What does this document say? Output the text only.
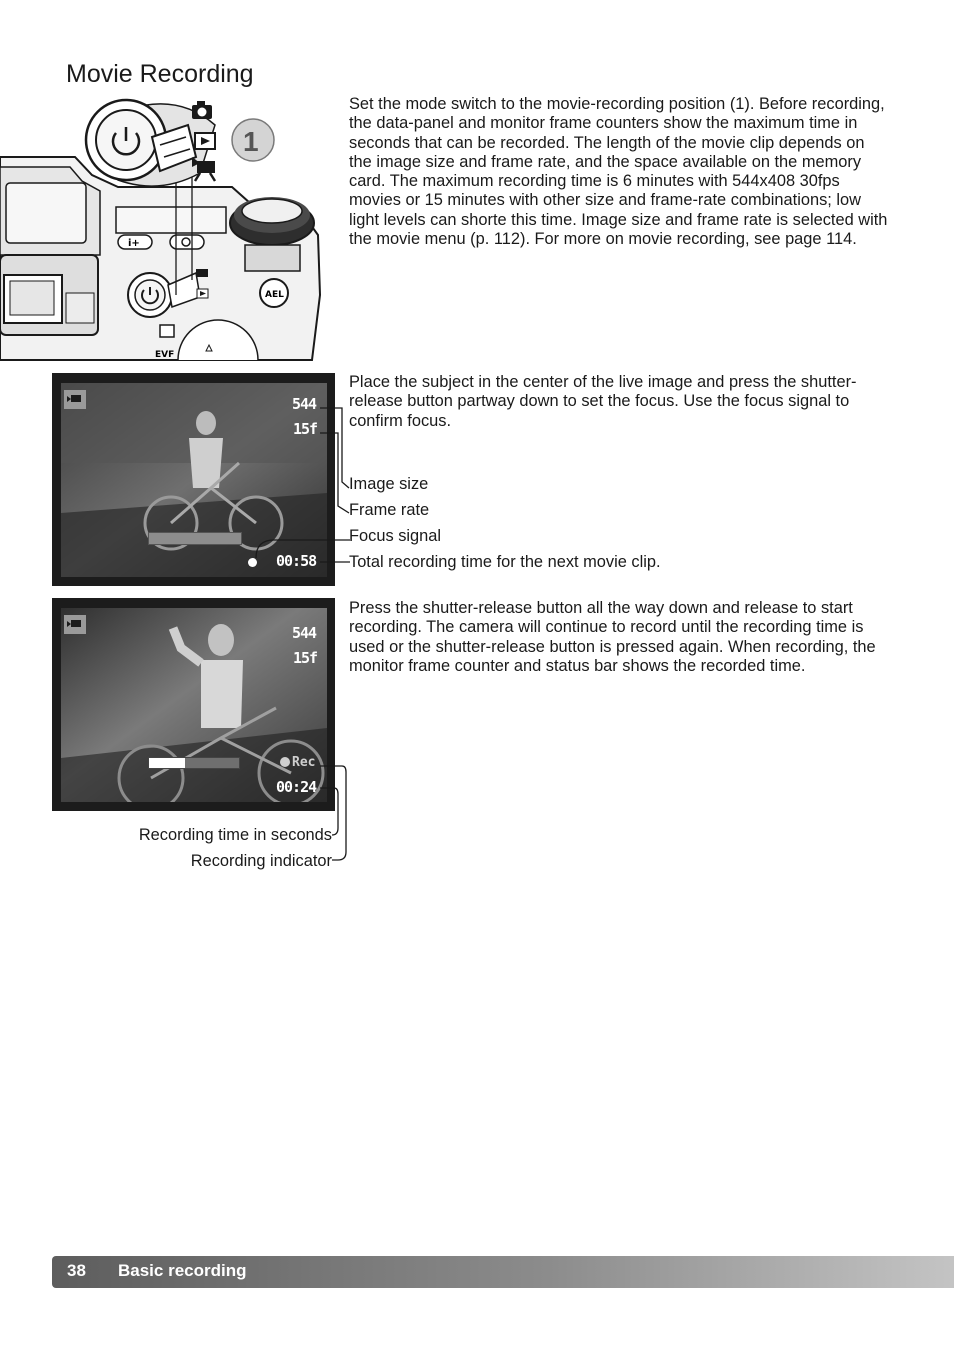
Movie Recording
i+
AEL
EVF
1

Set the mode switch to the movie-recording position (1). Before recording, the data-panel and monitor frame counters show the maximum time in seconds that can be recorded. The length of the movie clip depends on the image size and frame rate, and the space available on the memory card. The maximum recording time is 6 minutes with 544x408 30fps movies or 15 minutes with other size and frame-rate combinations; low light levels can shorte this time. Image size and frame rate is selected with the movie menu (p. 112). For more on movie recording, see page 114.

544
15f
00:58

Place the subject in the center of the live image and press the shutter-release button partway down to set the focus. Use the focus signal to confirm focus.

Image size
Frame rate
Focus signal
Total recording time for the next movie clip.
544
15f
Rec
00:24

Press the shutter-release button all the way down and release to start recording. The camera will continue to record until the recording time is used or the shutter-release button is pressed again. When recording, the monitor frame counter and status bar shows the recorded time.

Recording time in seconds
Recording indicator
38 Basic recording
